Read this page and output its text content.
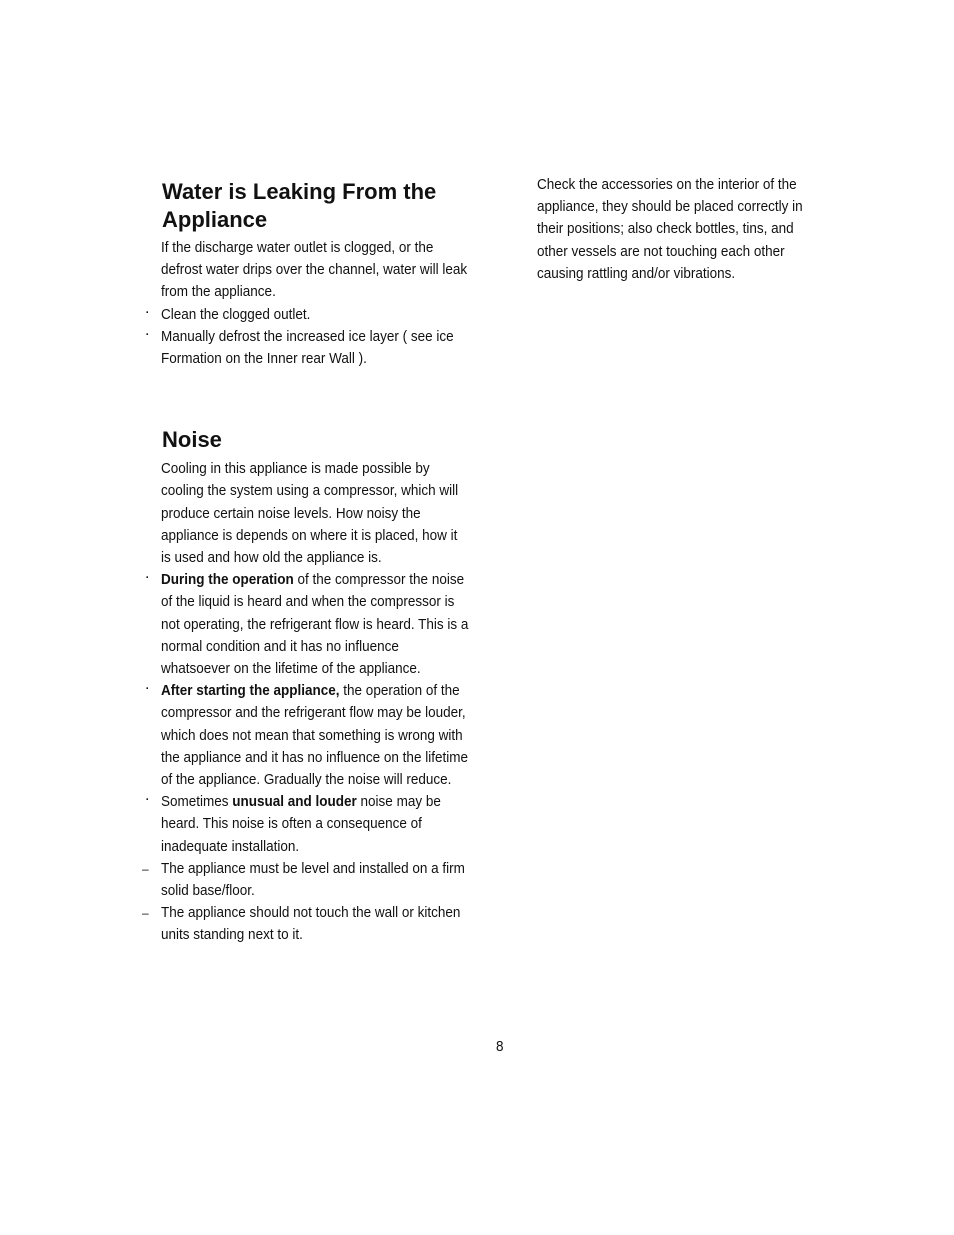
Water is Leaking From the Appliance

If the discharge water outlet is clogged, or the defrost water drips over the channel, water will leak from the appliance.

. Clean the clogged outlet.

. Manually defrost the increased ice layer ( see ice Formation on the Inner rear Wall ).

Noise

Cooling in this appliance is made possible by cooling the system using a compressor, which will produce certain noise levels. How noisy the appliance is depends on where it is placed, how it is used and how old the appliance is.

. During the operation of the compressor the noise of the liquid is heard and when the compressor is not operating, the refrigerant flow is heard. This is a normal condition and it has no influence whatsoever on the lifetime of the appliance.

. After starting the appliance, the operation of the compressor and the refrigerant flow may be louder, which does not mean that something is wrong with the appliance and it has no influence on the lifetime of the appliance. Gradually the noise will reduce.

. Sometimes unusual and louder noise may be heard. This noise is often a consequence of inadequate installation.

– The appliance must be level and installed on a firm solid base/floor.

– The appliance should not touch the wall or kitchen units standing next to it.

Check the accessories on the interior of the appliance, they should be placed correctly in their positions; also check bottles, tins, and other vessels are not touching each other causing rattling and/or vibrations.

8
